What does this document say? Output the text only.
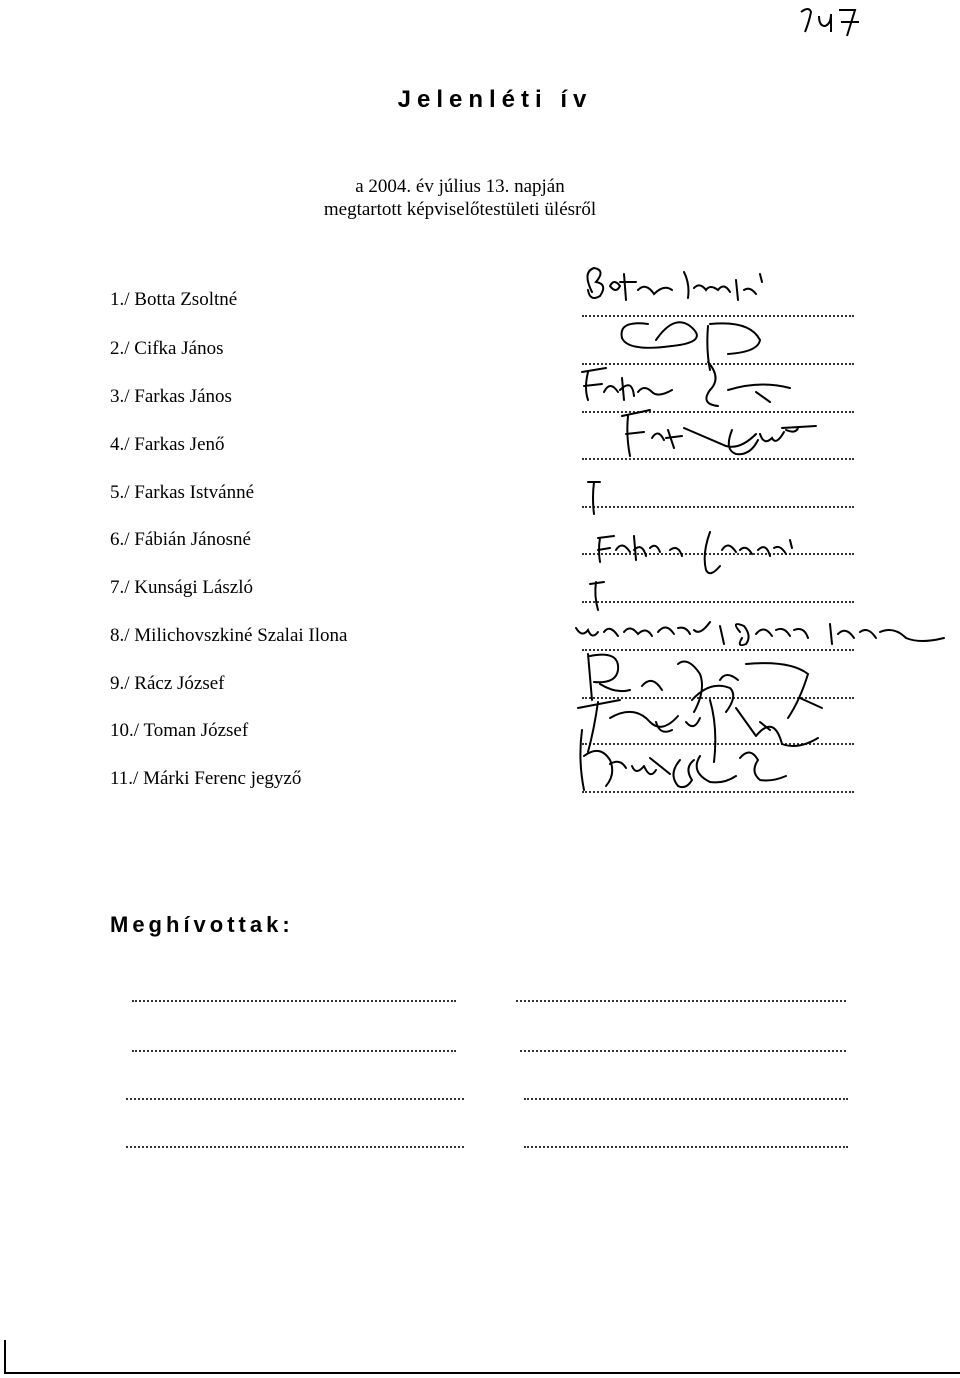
Jelenléti ív
a 2004. év július 13. napján
megtartott képviselőtestületi ülésről
1./ Botta Zsoltné
2./ Cifka János
3./ Farkas János
4./ Farkas Jenő
5./ Farkas Istvánné
6./ Fábián Jánosné
7./ Kunsági László
8./ Milichovszkiné Szalai Ilona
9./ Rácz József
10./ Toman József
11./ Márki Ferenc jegyző
Meghívottak:
